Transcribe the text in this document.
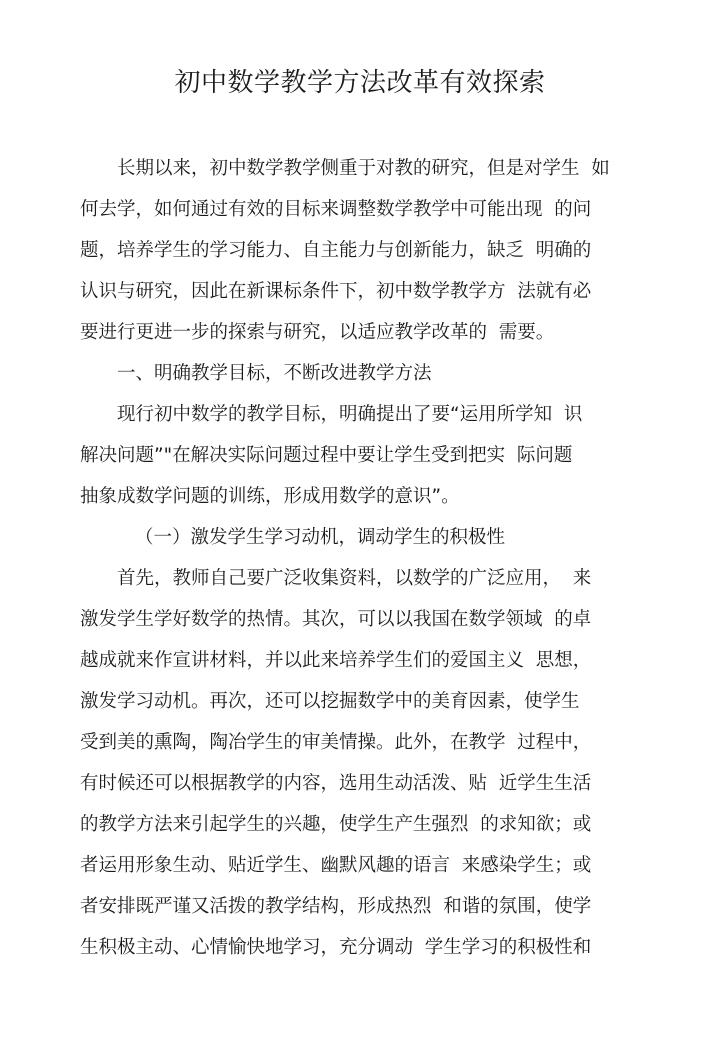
初中数学教学方法改革有效探索
长期以来，初中数学教学侧重于对教的研究，但是对学生  如
何去学，如何通过有效的目标来调整数学教学中可能出现  的问
题，培养学生的学习能力、自主能力与创新能力，缺乏  明确的
认识与研究，因此在新课标条件下，初中数学教学方  法就有必
要进行更进一步的探索与研究，以适应教学改革的  需要。
一、明确教学目标，不断改进教学方法
现行初中数学的教学目标，明确提出了要“运用所学知  识
解决问题”"在解决实际问题过程中要让学生受到把实  际问题
抽象成数学问题的训练，形成用数学的意识”。
（一）激发学生学习动机，调动学生的积极性
首先，教师自己要广泛收集资料，以数学的广泛应用，  来
激发学生学好数学的热情。其次，可以以我国在数学领域  的卓
越成就来作宣讲材料，并以此来培养学生们的爱国主义  思想，
激发学习动机。再次，还可以挖掘数学中的美育因素，使学生
受到美的熏陶，陶冶学生的审美情操。此外，在教学  过程中，
有时候还可以根据教学的内容，选用生动活泼、贴  近学生生活
的教学方法来引起学生的兴趣，使学生产生强烈  的求知欲；或
者运用形象生动、贴近学生、幽默风趣的语言  来感染学生；或
者安排既严谨又活拨的教学结构，形成热烈  和谐的氛围，使学
生积极主动、心情愉快地学习，充分调动  学生学习的积极性和
